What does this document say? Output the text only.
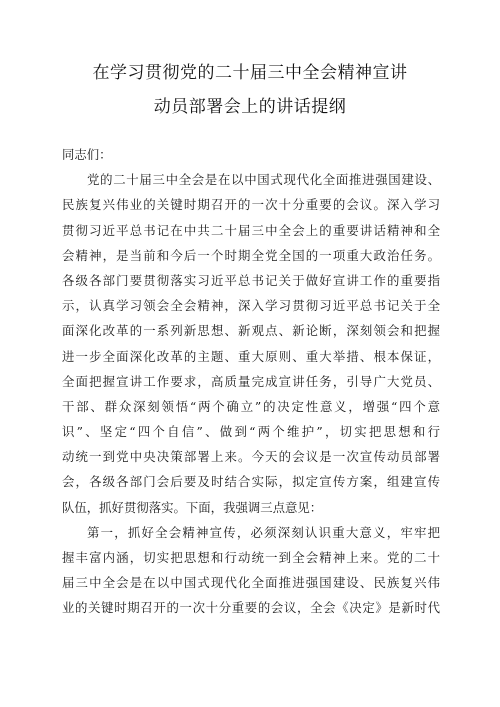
在学习贯彻党的二十届三中全会精神宣讲
动员部署会上的讲话提纲
同志们：
党的二十届三中全会是在以中国式现代化全面推进强国建设、
民族复兴伟业的关键时期召开的一次十分重要的会议。深入学习
贯彻习近平总书记在中共二十届三中全会上的重要讲话精神和全
会精神，是当前和今后一个时期全党全国的一项重大政治任务。
各级各部门要贯彻落实习近平总书记关于做好宣讲工作的重要指
示，认真学习领会全会精神，深入学习贯彻习近平总书记关于全
面深化改革的一系列新思想、新观点、新论断，深刻领会和把握
进一步全面深化改革的主题、重大原则、重大举措、根本保证，
全面把握宣讲工作要求，高质量完成宣讲任务，引导广大党员、
干部、群众深刻领悟“两个确立”的决定性意义，增强“四个意
识”、坚定“四个自信”、做到“两个维护”，切实把思想和行
动统一到党中央决策部署上来。今天的会议是一次宣传动员部署
会，各级各部门会后要及时结合实际，拟定宣传方案，组建宣传
队伍，抓好贯彻落实。下面，我强调三点意见：
第一，抓好全会精神宣传，必须深刻认识重大意义，牢牢把
握丰富内涵，切实把思想和行动统一到全会精神上来。党的二十
届三中全会是在以中国式现代化全面推进强国建设、民族复兴伟
业的关键时期召开的一次十分重要的会议，全会《决定》是新时代
